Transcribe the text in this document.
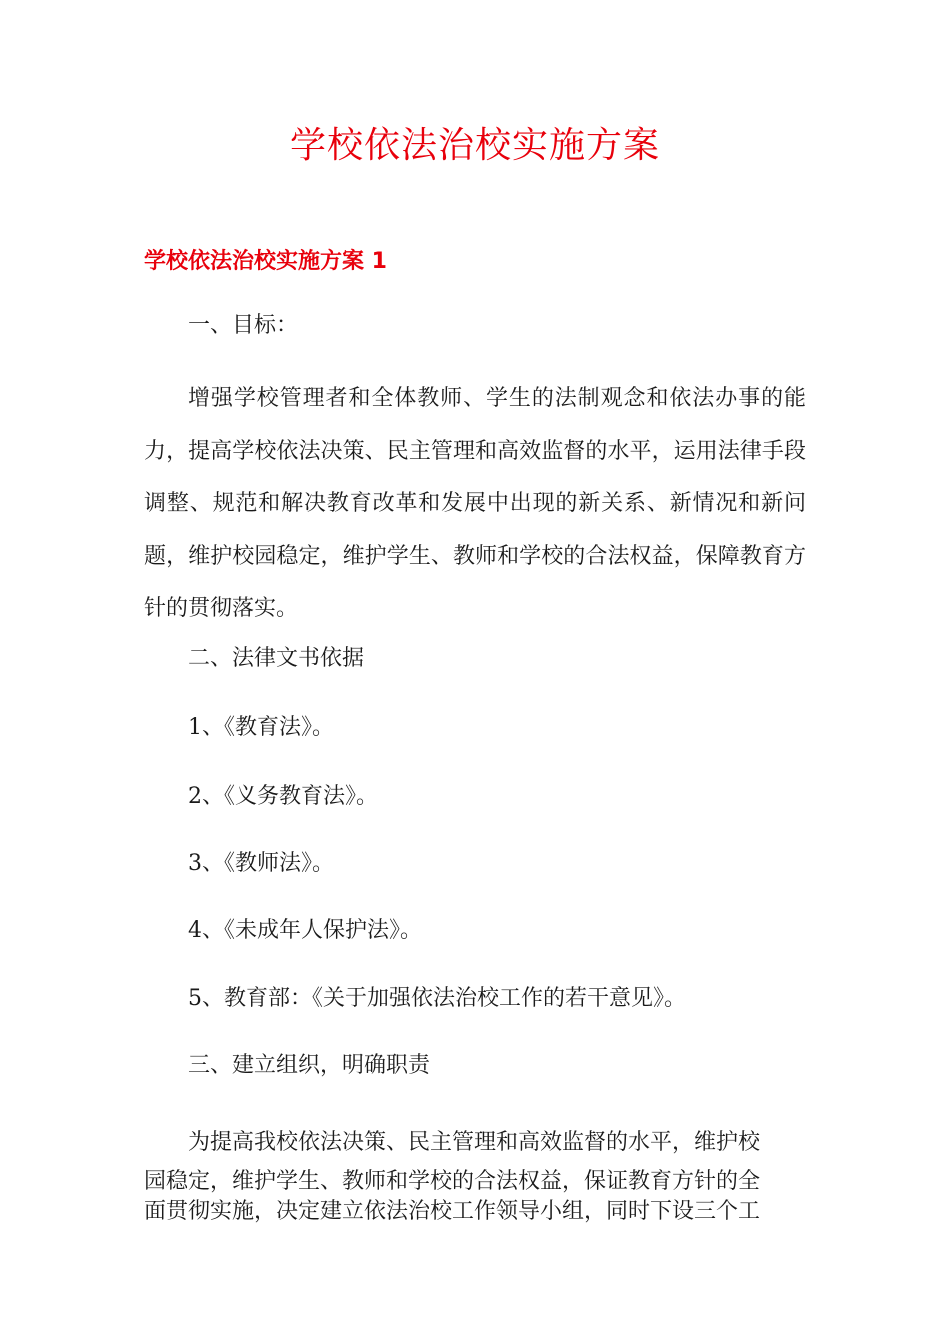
学校依法治校实施方案
学校依法治校实施方案 1
一、目标：

增强学校管理者和全体教师、学生的法制观念和依法办事的能力，提高学校依法决策、民主管理和高效监督的水平，运用法律手段调整、规范和解决教育改革和发展中出现的新关系、新情况和新问题，维护校园稳定，维护学生、教师和学校的合法权益，保障教育方针的贯彻落实。

二、法律文书依据
1、《教育法》。
2、《义务教育法》。
3、《教师法》。
4、《未成年人保护法》。
5、教育部：《关于加强依法治校工作的若干意见》。
三、建立组织，明确职责
为提高我校依法决策、民主管理和高效监督的水平，维护校
园稳定，维护学生、教师和学校的合法权益，保证教育方针的全
面贯彻实施，决定建立依法治校工作领导小组，同时下设三个工
